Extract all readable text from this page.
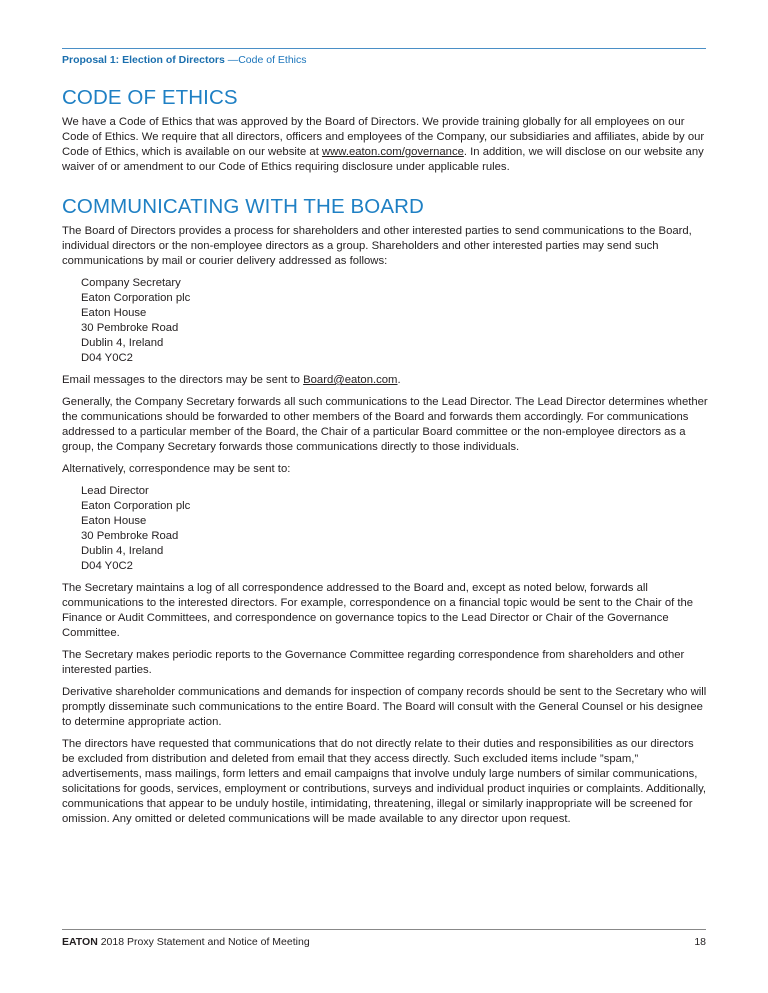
Proposal 1: Election of Directors —Code of Ethics
CODE OF ETHICS

We have a Code of Ethics that was approved by the Board of Directors. We provide training globally for all employees on our Code of Ethics. We require that all directors, officers and employees of the Company, our subsidiaries and affiliates, abide by our Code of Ethics, which is available on our website at www.eaton.com/governance. In addition, we will disclose on our website any waiver of or amendment to our Code of Ethics requiring disclosure under applicable rules.

COMMUNICATING WITH THE BOARD

The Board of Directors provides a process for shareholders and other interested parties to send communications to the Board, individual directors or the non-employee directors as a group. Shareholders and other interested parties may send such communications by mail or courier delivery addressed as follows:

Company Secretary
Eaton Corporation plc
Eaton House
30 Pembroke Road
Dublin 4, Ireland
D04 Y0C2

Email messages to the directors may be sent to Board@eaton.com.

Generally, the Company Secretary forwards all such communications to the Lead Director. The Lead Director determines whether the communications should be forwarded to other members of the Board and forwards them accordingly. For communications addressed to a particular member of the Board, the Chair of a particular Board committee or the non-employee directors as a group, the Company Secretary forwards those communications directly to those individuals.

Alternatively, correspondence may be sent to:

Lead Director
Eaton Corporation plc
Eaton House
30 Pembroke Road
Dublin 4, Ireland
D04 Y0C2

The Secretary maintains a log of all correspondence addressed to the Board and, except as noted below, forwards all communications to the interested directors. For example, correspondence on a financial topic would be sent to the Chair of the Finance or Audit Committees, and correspondence on governance topics to the Lead Director or Chair of the Governance Committee.

The Secretary makes periodic reports to the Governance Committee regarding correspondence from shareholders and other interested parties.

Derivative shareholder communications and demands for inspection of company records should be sent to the Secretary who will promptly disseminate such communications to the entire Board. The Board will consult with the General Counsel or his designee to determine appropriate action.

The directors have requested that communications that do not directly relate to their duties and responsibilities as our directors be excluded from distribution and deleted from email that they access directly. Such excluded items include ”spam,” advertisements, mass mailings, form letters and email campaigns that involve unduly large numbers of similar communications, solicitations for goods, services, employment or contributions, surveys and individual product inquiries or complaints. Additionally, communications that appear to be unduly hostile, intimidating, threatening, illegal or similarly inappropriate will be screened for omission. Any omitted or deleted communications will be made available to any director upon request.

EATON 2018 Proxy Statement and Notice of Meeting	18
